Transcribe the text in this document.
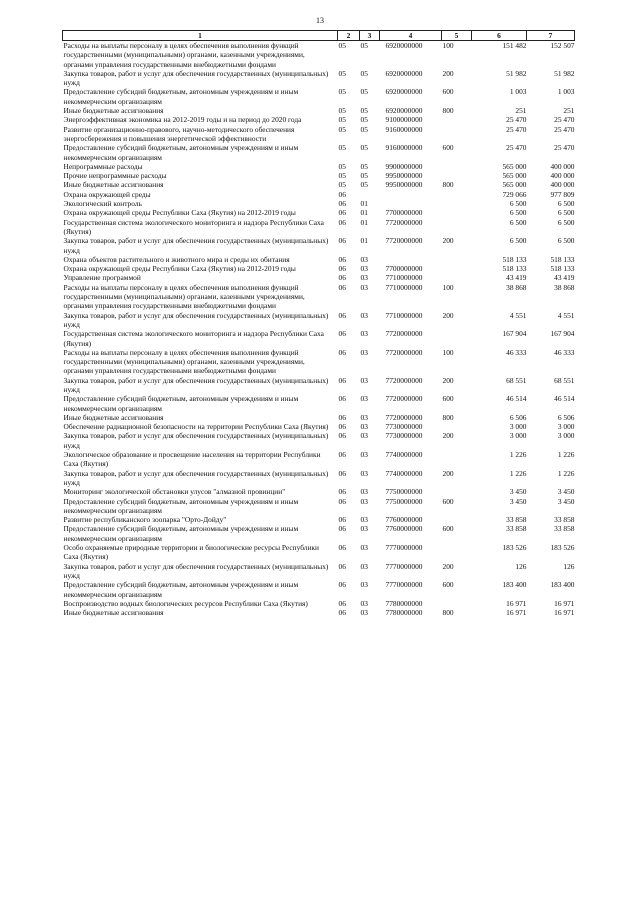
13
1	2	3	4	5	6	7
Расходы на выплаты персоналу в целях обеспечения выполнения функций государственными (муниципальными) органами, казенными учреждениями, органами управления государственными внебюджетными фондами	05	05	6920000000	100	151 482	152 507
Закупка товаров, работ и услуг для обеспечения государственных (муниципальных) нужд	05	05	6920000000	200	51 982	51 982
Предоставление субсидий бюджетным, автономным учреждениям и иным некоммерческим организациям	05	05	6920000000	600	1 003	1 003
Иные бюджетные ассигнования	05	05	6920000000	800	251	251
Энергоэффективная экономика на 2012-2019 годы и на период до 2020 года	05	05	9100000000		25 470	25 470
Развитие организационно-правового, научно-методического обеспечения энергосбережения и повышения энергетической эффективности	05	05	9160000000		25 470	25 470
Предоставление субсидий бюджетным, автономным учреждениям и иным некоммерческим организациям	05	05	9160000000	600	25 470	25 470
Непрограммные расходы	05	05	9900000000		565 000	400 000
Прочие непрограммные расходы	05	05	9950000000		565 000	400 000
Иные бюджетные ассигнования	05	05	9950000000	800	565 000	400 000
Охрана окружающей среды	06				729 066	977 809
Экологический контроль	06	01			6 500	6 500
Охрана окружающей среды Республики Саха (Якутия) на 2012-2019 годы	06	01	7700000000		6 500	6 500
Государственная система экологического мониторинга и надзора Республики Саха (Якутия)	06	01	7720000000		6 500	6 500
Закупка товаров, работ и услуг для обеспечения государственных (муниципальных) нужд	06	01	7720000000	200	6 500	6 500
Охрана объектов растительного и животного мира и среды их обитания	06	03			518 133	518 133
Охрана окружающей среды Республики Саха (Якутия) на 2012-2019 годы	06	03	7700000000		518 133	518 133
Управление программой	06	03	7710000000		43 419	43 419
Расходы на выплаты персоналу в целях обеспечения выполнения функций государственными (муниципальными) органами, казенными учреждениями, органами управления государственными внебюджетными фондами	06	03	7710000000	100	38 868	38 868
Закупка товаров, работ и услуг для обеспечения государственных (муниципальных) нужд	06	03	7710000000	200	4 551	4 551
Государственная система экологического мониторинга и надзора Республики Саха (Якутия)	06	03	7720000000		167 904	167 904
Расходы на выплаты персоналу в целях обеспечения выполнения функций государственными (муниципальными) органами, казенными учреждениями, органами управления государственными внебюджетными фондами	06	03	7720000000	100	46 333	46 333
Закупка товаров, работ и услуг для обеспечения государственных (муниципальных) нужд	06	03	7720000000	200	68 551	68 551
Предоставление субсидий бюджетным, автономным учреждениям и иным некоммерческим организациям	06	03	7720000000	600	46 514	46 514
Иные бюджетные ассигнования	06	03	7720000000	800	6 506	6 506
Обеспечение радиационной безопасности на территории Республики Саха (Якутия)	06	03	7730000000		3 000	3 000
Закупка товаров, работ и услуг для обеспечения государственных (муниципальных) нужд	06	03	7730000000	200	3 000	3 000
Экологическое образование и просвещение населения на территории Республики Саха (Якутия)	06	03	7740000000		1 226	1 226
Закупка товаров, работ и услуг для обеспечения государственных (муниципальных) нужд	06	03	7740000000	200	1 226	1 226
Мониторинг экологической обстановки улусов "алмазной провинции"	06	03	7750000000		3 450	3 450
Предоставление субсидий бюджетным, автономным учреждениям и иным некоммерческим организациям	06	03	7750000000	600	3 450	3 450
Развитие республиканского зоопарка "Орто-Дойду"	06	03	7760000000		33 858	33 858
Предоставление субсидий бюджетным, автономным учреждениям и иным некоммерческим организациям	06	03	7760000000	600	33 858	33 858
Особо охраняемые природные территории и биологические ресурсы Республики Саха (Якутия)	06	03	7770000000		183 526	183 526
Закупка товаров, работ и услуг для обеспечения государственных (муниципальных) нужд	06	03	7770000000	200	126	126
Предоставление субсидий бюджетным, автономным учреждениям и иным некоммерческим организациям	06	03	7770000000	600	183 400	183 400
Воспроизводство водных биологических ресурсов Республики Саха (Якутия)	06	03	7780000000		16 971	16 971
Иные бюджетные ассигнования	06	03	7780000000	800	16 971	16 971
